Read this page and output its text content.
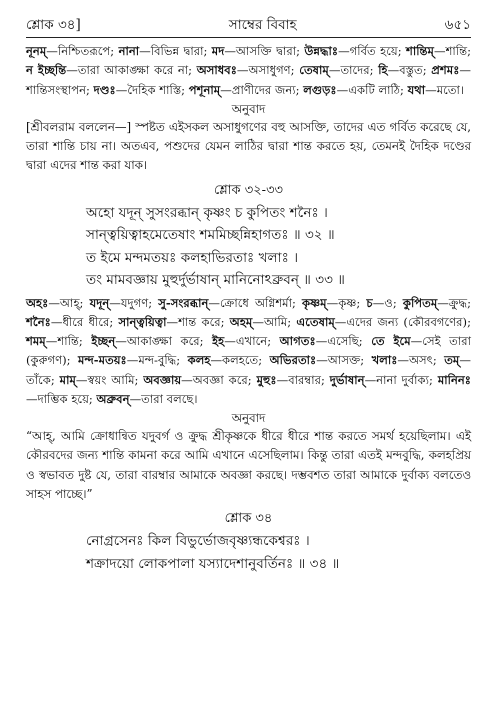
শ্লোক ৩৪]	সাম্বের বিবাহ	৬৫১

নূনম্—নিশ্চিতরূপে; নানা—বিভিন্ন দ্বারা; মদ—আসক্তি দ্বারা; উন্নদ্ধাঃ—গর্বিত হয়ে; শান্তিম্—শান্তি; ন ইচ্ছন্তি—তারা আকাঙ্ক্ষা করে না; অসাধবঃ—অসাধুগণ; তেষাম্—তাদের; হি—বস্তুত; প্রশমঃ—শান্তিসংস্থাপন; দণ্ডঃ—দৈহিক শাস্তি; পশূনাম্—প্রাণীদের জন্য; লগুড়ঃ—একটি লাঠি; যথা—মতো।

অনুবাদ

[শ্রীবলরাম বললেন—] স্পষ্টত এইসকল অসাধুগণের বহু আসক্তি, তাদের এত গর্বিত করেছে যে, তারা শান্তি চায় না। অতএব, পশুদের যেমন লাঠির দ্বারা শান্ত করতে হয়, তেমনই দৈহিক দণ্ডের দ্বারা এদের শান্ত করা যাক।

শ্লোক ৩২-৩৩

অহো যদূন্ সুসংরব্ধান্ কৃষ্ণং চ কুপিতং শনৈঃ ।
সান্ত্বয়িত্বাহমেতেষাং শমমিচ্ছন্নিহাগতঃ ॥ ৩২ ॥
ত ইমে মন্দমতয়ঃ কলহাভিরতাঃ খলাঃ ।
তং মামবজ্ঞায় মুহুর্দুর্ভাষান্ মানিনোঽব্রুবন্ ॥ ৩৩ ॥

অহঃ—আহ্; যদূন্—যদুগণ; সু-সংরব্ধান্—ক্রোধে অগ্নিশর্মা; কৃষ্ণম্—কৃষ্ণ; চ—ও; কুপিতম্—ক্রুদ্ধ; শনৈঃ—ধীরে ধীরে; সান্ত্বয়িত্বা—শান্ত করে; অহম্—আমি; এতেষাম্—এদের জন্য (কৌরবগণের); শমম্—শান্তি; ইচ্ছন্—আকাঙ্ক্ষা করে; ইহ—এখানে; আগতঃ—এসেছি; তে ইমে—সেই তারা (কুরুগণ); মন্দ-মতয়ঃ—মন্দ-বুদ্ধি; কলহ—কলহতে; অভিরতাঃ—আসক্ত; খলাঃ—অসৎ; তম্—তাঁকে; মাম্—স্বয়ং আমি; অবজ্ঞায়—অবজ্ঞা করে; মুহুঃ—বারম্বার; দুর্ভাষান্—নানা দুর্বাক্য; মানিনঃ—দাম্ভিক হয়ে; অব্রুবন্—তারা বলছে।

অনুবাদ

“আহ্, আমি ক্রোধান্বিত যদুবর্গ ও ক্রুদ্ধ শ্রীকৃষ্ণকে ধীরে ধীরে শান্ত করতে সমর্থ হয়েছিলাম। এই কৌরবদের জন্য শান্তি কামনা করে আমি এখানে এসেছিলাম। কিন্তু তারা এতই মন্দবুদ্ধি, কলহপ্রিয় ও স্বভাবত দুষ্ট যে, তারা বারম্বার আমাকে অবজ্ঞা করছে। দম্ভবশত তারা আমাকে দুর্বাক্য বলতেও সাহস পাচ্ছে।”

শ্লোক ৩৪

নোগ্রসেনঃ কিল বিভুর্ভোজবৃষ্ণ্যন্ধকেশ্বরঃ ।
শক্রাদয়ো লোকপালা যস্যাদেশানুবর্তিনঃ ॥ ৩৪ ॥
